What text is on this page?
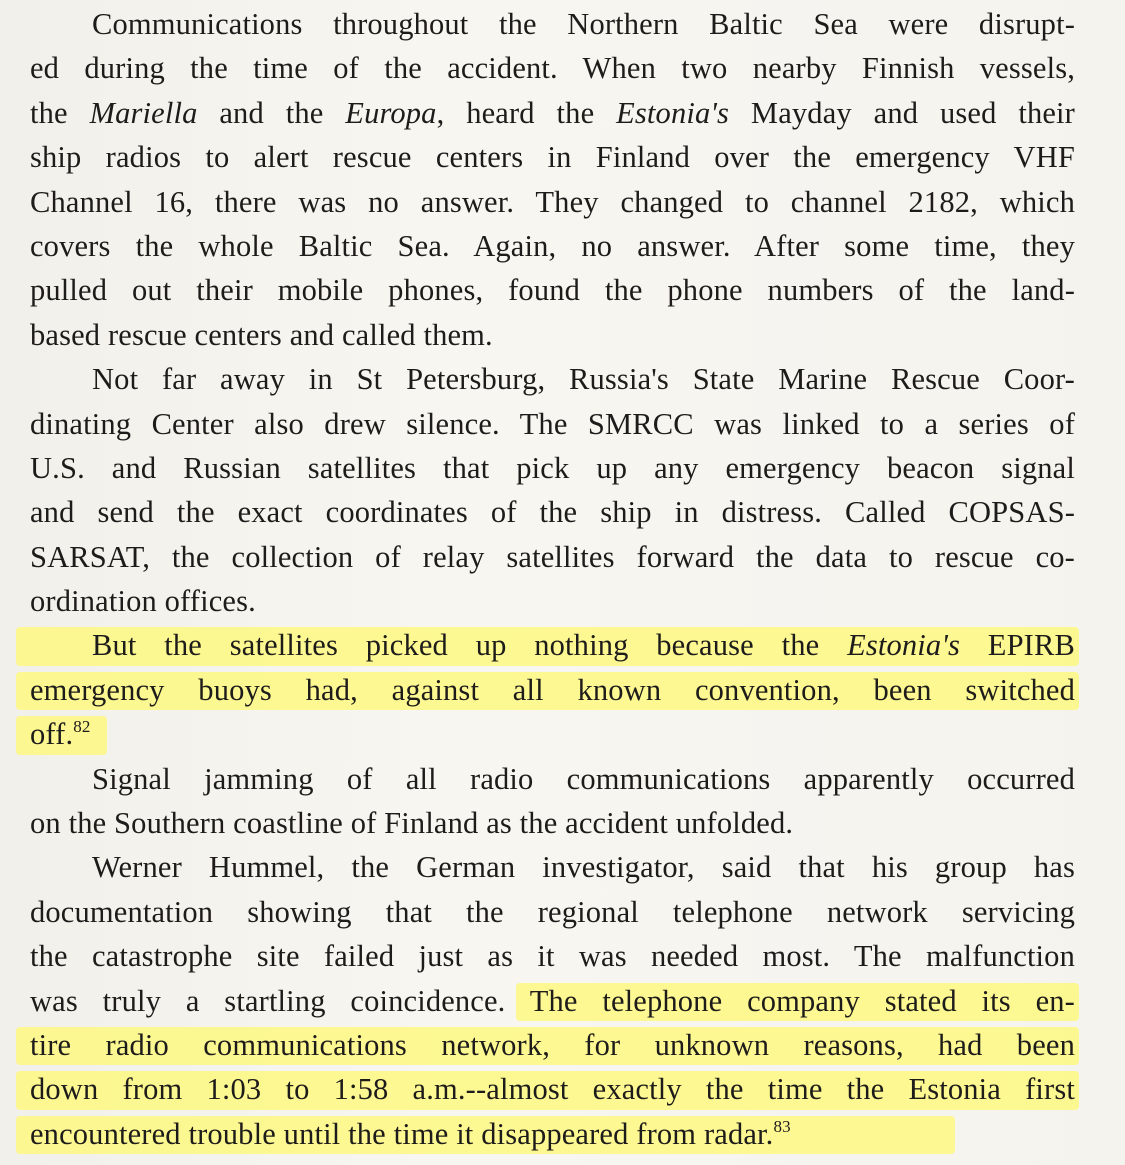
Communications throughout the Northern Baltic Sea were disrupt-
ed during the time of the accident. When two nearby Finnish vessels,
the Mariella and the Europa, heard the Estonia's Mayday and used their
ship radios to alert rescue centers in Finland over the emergency VHF
Channel 16, there was no answer. They changed to channel 2182, which
covers the whole Baltic Sea. Again, no answer. After some time, they
pulled out their mobile phones, found the phone numbers of the land-
based rescue centers and called them.
Not far away in St Petersburg, Russia's State Marine Rescue Coor-
dinating Center also drew silence. The SMRCC was linked to a series of
U.S. and Russian satellites that pick up any emergency beacon signal
and send the exact coordinates of the ship in distress. Called COPSAS-
SARSAT, the collection of relay satellites forward the data to rescue co-
ordination offices.
But the satellites picked up nothing because the Estonia's EPIRB
emergency buoys had, against all known convention, been switched
off.$^{82}$
Signal jamming of all radio communications apparently occurred
on the Southern coastline of Finland as the accident unfolded.
Werner Hummel, the German investigator, said that his group has
documentation showing that the regional telephone network servicing
the catastrophe site failed just as it was needed most. The malfunction
was truly a startling coincidence. The telephone company stated its en-
tire radio communications network, for unknown reasons, had been
down from 1:03 to 1:58 a.m.--almost exactly the time the Estonia first
encountered trouble until the time it disappeared from radar.$^{83}$
